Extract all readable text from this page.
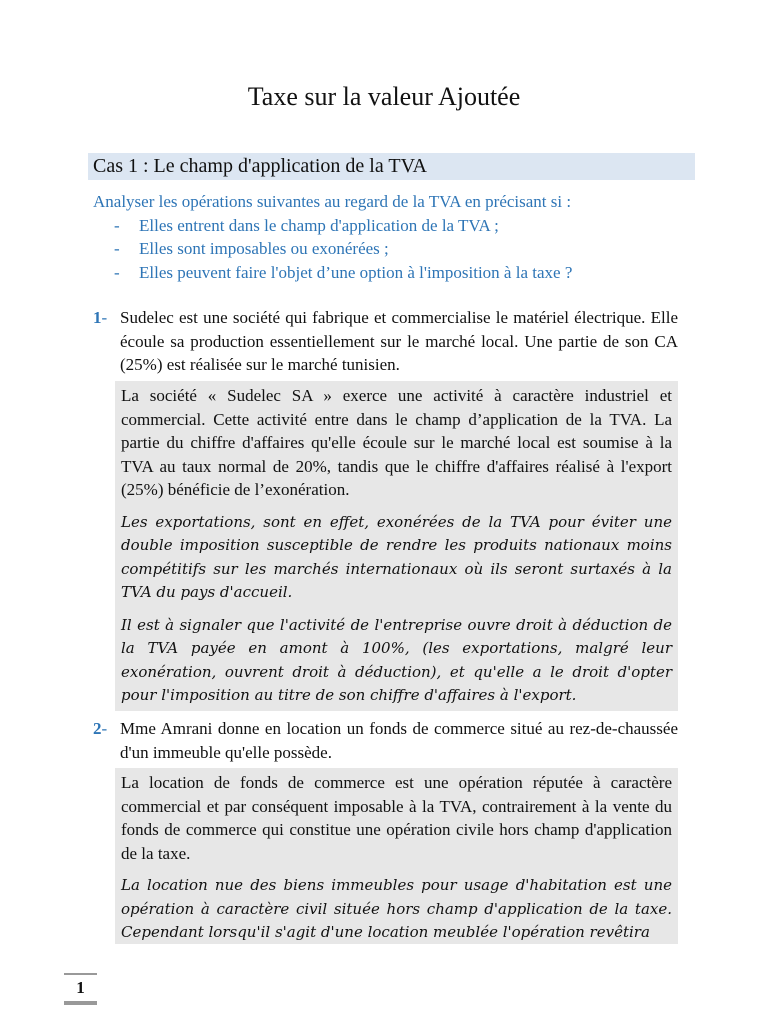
Taxe sur la valeur Ajoutée
Cas 1 : Le champ d'application de la TVA
Analyser les opérations suivantes au regard de la TVA en précisant si :
- Elles entrent dans le champ d'application de la TVA ;
- Elles sont imposables ou exonérées ;
- Elles peuvent faire l'objet d’une option à l'imposition à la taxe ?
1- Sudelec est une société qui fabrique et commercialise le matériel électrique. Elle écoule sa production essentiellement sur le marché local. Une partie de son CA (25%) est réalisée sur le marché tunisien.

La société « Sudelec SA » exerce une activité à caractère industriel et commercial. Cette activité entre dans le champ d’application de la TVA. La partie du chiffre d'affaires qu'elle écoule sur le marché local est soumise à la TVA au taux normal de 20%, tandis que le chiffre d'affaires réalisé à l'export (25%) bénéficie de l’exonération.

Les exportations, sont en effet, exonérées de la TVA pour éviter une double imposition susceptible de rendre les produits nationaux moins compétitifs sur les marchés internationaux où ils seront surtaxés à la TVA du pays d'accueil.

Il est à signaler que l'activité de l'entreprise ouvre droit à déduction de la TVA payée en amont à 100%, (les exportations, malgré leur exonération, ouvrent droit à déduction), et qu'elle a le droit d'opter pour l'imposition au titre de son chiffre d'affaires à l'export.

2- Mme Amrani donne en location un fonds de commerce situé au rez-de-chaussée d'un immeuble qu'elle possède.

La location de fonds de commerce est une opération réputée à caractère commercial et par conséquent imposable à la TVA, contrairement à la vente du fonds de commerce qui constitue une opération civile hors champ d'application de la taxe.

La location nue des biens immeubles pour usage d'habitation est une opération à caractère civil située hors champ d'application de la taxe. Cependant lorsqu'il s'agit d'une location meublée l'opération revêtira

1
